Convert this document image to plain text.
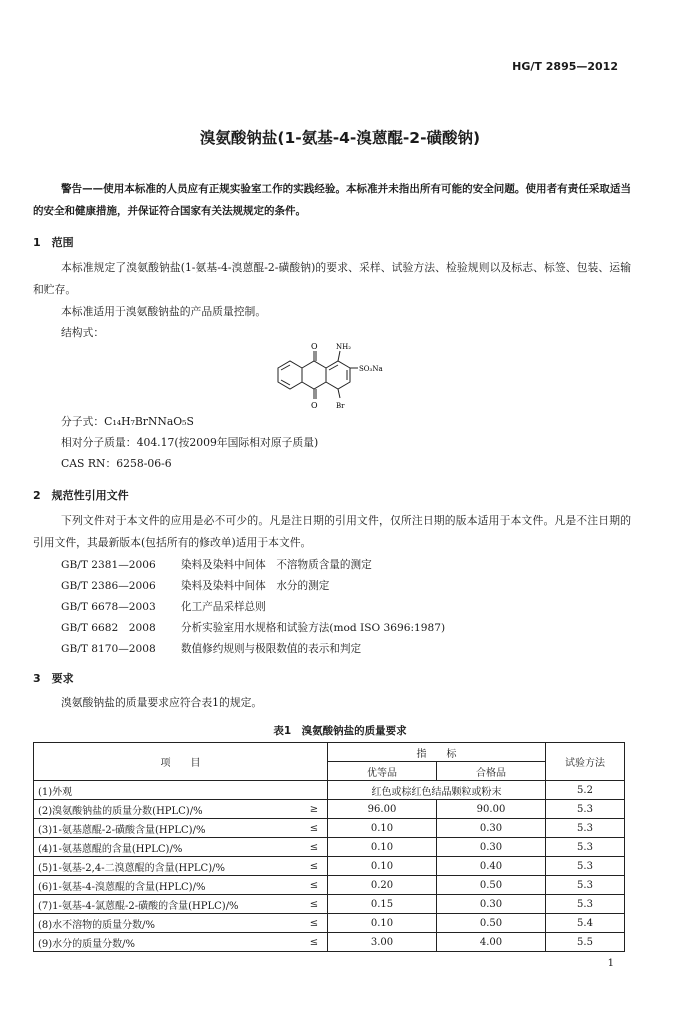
HG/T 2895—2012
溴氨酸钠盐(1-氨基-4-溴蒽醌-2-磺酸钠)
警告——使用本标准的人员应有正规实验室工作的实践经验。本标准并未指出所有可能的安全问题。使用者有责任采取适当的安全和健康措施，并保证符合国家有关法规规定的条件。
1　范围
本标准规定了溴氨酸钠盐(1-氨基-4-溴蒽醌-2-磺酸钠)的要求、采样、试验方法、检验规则以及标志、标签、包装、运输和贮存。
本标准适用于溴氨酸钠盐的产品质量控制。
结构式：
O
O
NH₂
SO₃Na
Br
分子式：C₁₄H₇BrNNaO₅S
相对分子质量：404.17(按2009年国际相对原子质量)
CAS RN：6258-06-6
2　规范性引用文件
下列文件对于本文件的应用是必不可少的。凡是注日期的引用文件，仅所注日期的版本适用于本文件。凡是不注日期的引用文件，其最新版本(包括所有的修改单)适用于本文件。
GB/T 2381—2006 染料及染料中间体　不溶物质含量的测定
GB/T 2386—2006 染料及染料中间体　水分的测定
GB/T 6678—2003 化工产品采样总则
GB/T 6682　2008 分析实验室用水规格和试验方法(mod ISO 3696:1987)
GB/T 8170—2008 数值修约规则与极限数值的表示和判定
3　要求
溴氨酸钠盐的质量要求应符合表1的规定。
表1　溴氨酸钠盐的质量要求
项　　目		指　　标		试验方法
		优等品	合格品	
(1)外观		红色或棕红色结晶颗粒或粉末		5.2
(2)溴氨酸钠盐的质量分数(HPLC)/%	≥	96.00	90.00	5.3
(3)1-氨基蒽醌-2-磺酸含量(HPLC)/%	≤	0.10	0.30	5.3
(4)1-氨基蒽醌的含量(HPLC)/%	≤	0.10	0.30	5.3
(5)1-氨基-2,4-二溴蒽醌的含量(HPLC)/%	≤	0.10	0.40	5.3
(6)1-氨基-4-溴蒽醌的含量(HPLC)/%	≤	0.20	0.50	5.3
(7)1-氨基-4-氯蒽醌-2-磺酸的含量(HPLC)/%	≤	0.15	0.30	5.3
(8)水不溶物的质量分数/%	≤	0.10	0.50	5.4
(9)水分的质量分数/%	≤	3.00	4.00	5.5
1
